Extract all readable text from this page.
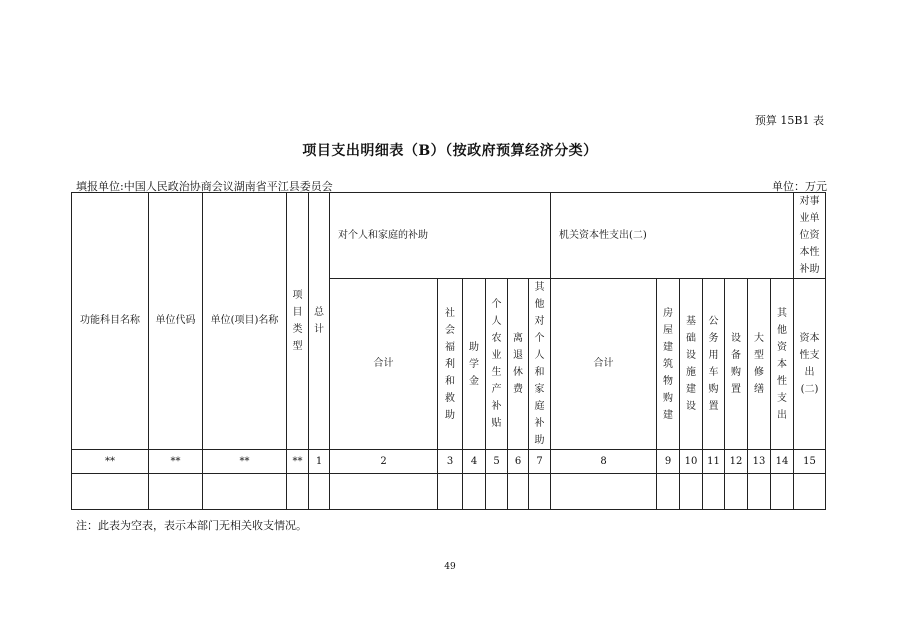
预算 15B1 表
项目支出明细表（B）（按政府预算经济分类）
填报单位:中国人民政治协商会议湖南省平江县委员会	单位：万元
功能科目名称	单位代码	单位(项目)名称	项目类型	总计	对个人和家庭的补助						机关资本性支出(二)							对事业单位资本性补助
					合计	社会福利和救助	助学金	个人农业生产补贴	离退休费	其他对个人和家庭补助	合计	房屋建筑物购建	基础设施建设	公务用车购置	设备购置	大型修缮	其他资本性支出	资本性支出(二)
**	**	**	**	1	2	3	4	5	6	7	8	9	10	11	12	13	14	15

注：此表为空表，表示本部门无相关收支情况。
49
